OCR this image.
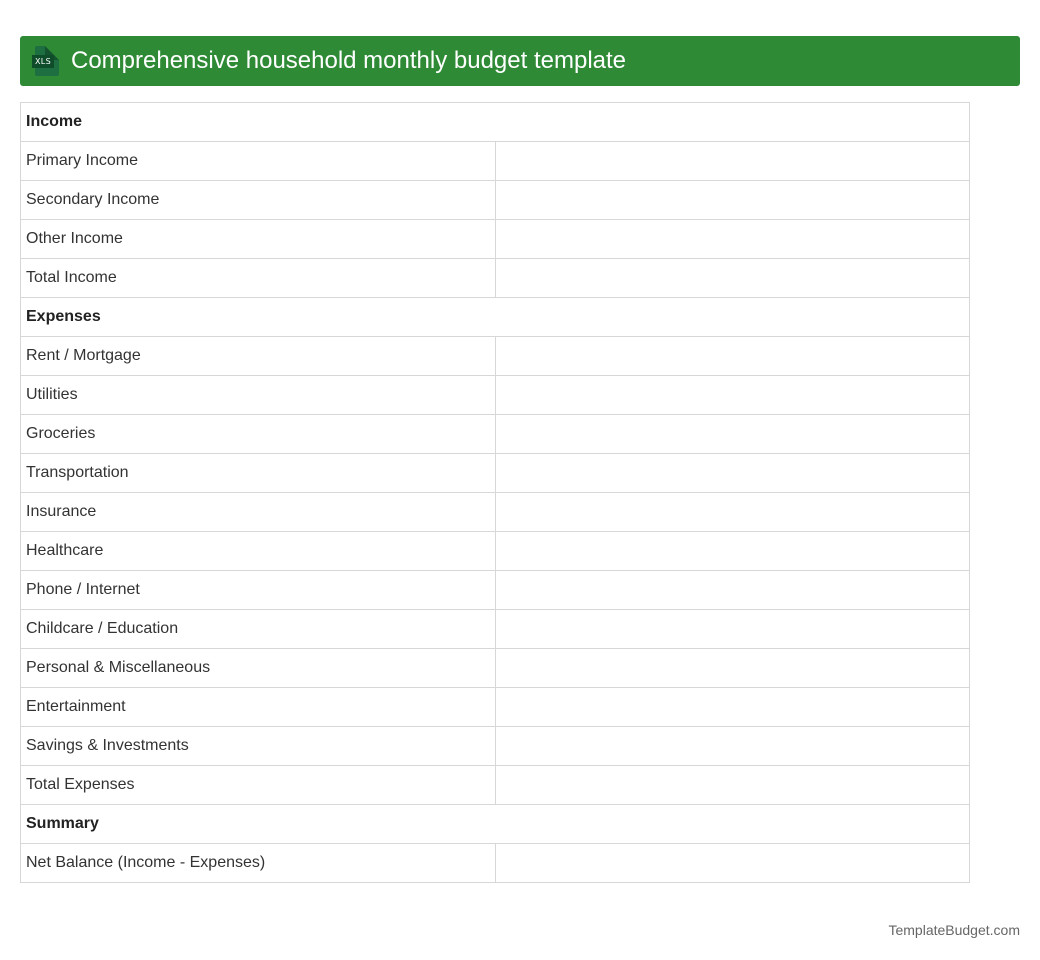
XLS Comprehensive household monthly budget template
Income	
Primary Income	
Secondary Income	
Other Income	
Total Income	
Expenses	
Rent / Mortgage	
Utilities	
Groceries	
Transportation	
Insurance	
Healthcare	
Phone / Internet	
Childcare / Education	
Personal & Miscellaneous	
Entertainment	
Savings & Investments	
Total Expenses	
Summary	
Net Balance (Income - Expenses)	
TemplateBudget.com
